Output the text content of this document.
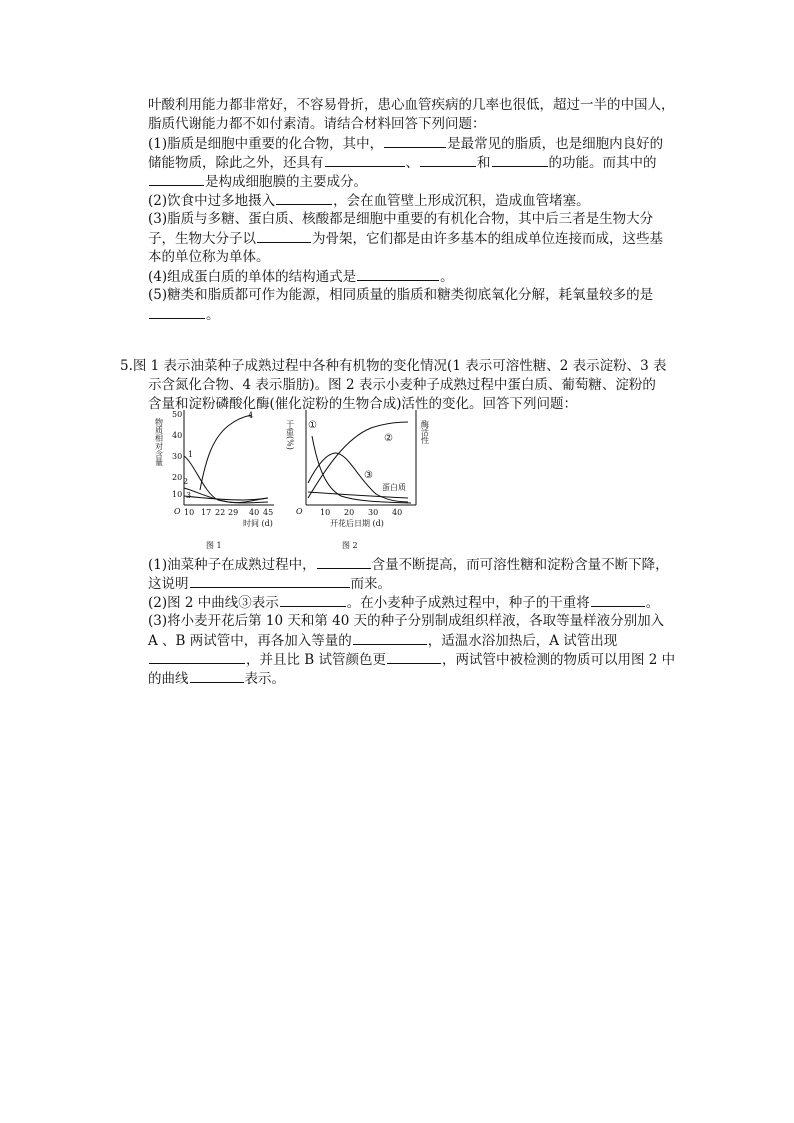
叶酸利用能力都非常好，不容易骨折，患心血管疾病的几率也很低，超过一半的中国人，
脂质代谢能力都不如付素清。请结合材料回答下列问题：
(1)脂质是细胞中重要的化合物，其中，	是最常见的脂质，也是细胞内良好的
储能物质，除此之外，还具有	、	和	的功能。而其中的
是构成细胞膜的主要成分。
(2)饮食中过多地摄入	，会在血管壁上形成沉积，造成血管堵塞。
(3)脂质与多糖、蛋白质、核酸都是细胞中重要的有机化合物，其中后三者是生物大分
子，生物大分子以	为骨架，它们都是由许多基本的组成单位连接而成，这些基
本的单位称为单体。
(4)组成蛋白质的单体的结构通式是	。
(5)糖类和脂质都可作为能源，相同质量的脂质和糖类彻底氧化分解，耗氧量较多的是
。
5.图 1 表示油菜种子成熟过程中各种有机物的变化情况(1 表示可溶性糖、2 表示淀粉、3 表
示含氮化合物、4 表示脂肪)。图 2 表示小麦种子成熟过程中蛋白质、葡萄糖、淀粉的
含量和淀粉磷酸化酶(催化淀粉的生物合成)活性的变化。回答下列问题：
物质相对含量
50
40
30
20
10
O 10 17 22 29 40 45
时间 (d)
1
2
3
4
图 1
干重(%)	酶活性
O 10 20 30 40
开花后日期 (d)
①
②
③
蛋白质
图 2
(1)油菜种子在成熟过程中，	含量不断提高，而可溶性糖和淀粉含量不断下降，
这说明	而来。
(2)图 2 中曲线③表示	。在小麦种子成熟过程中，种子的干重将	。
(3)将小麦开花后第 10 天和第 40 天的种子分别制成组织样液，各取等量样液分别加入
A 、B 两试管中，再各加入等量的	，适温水浴加热后，A 试管出现
，并且比 B 试管颜色更	，两试管中被检测的物质可以用图 2 中
的曲线	表示。
